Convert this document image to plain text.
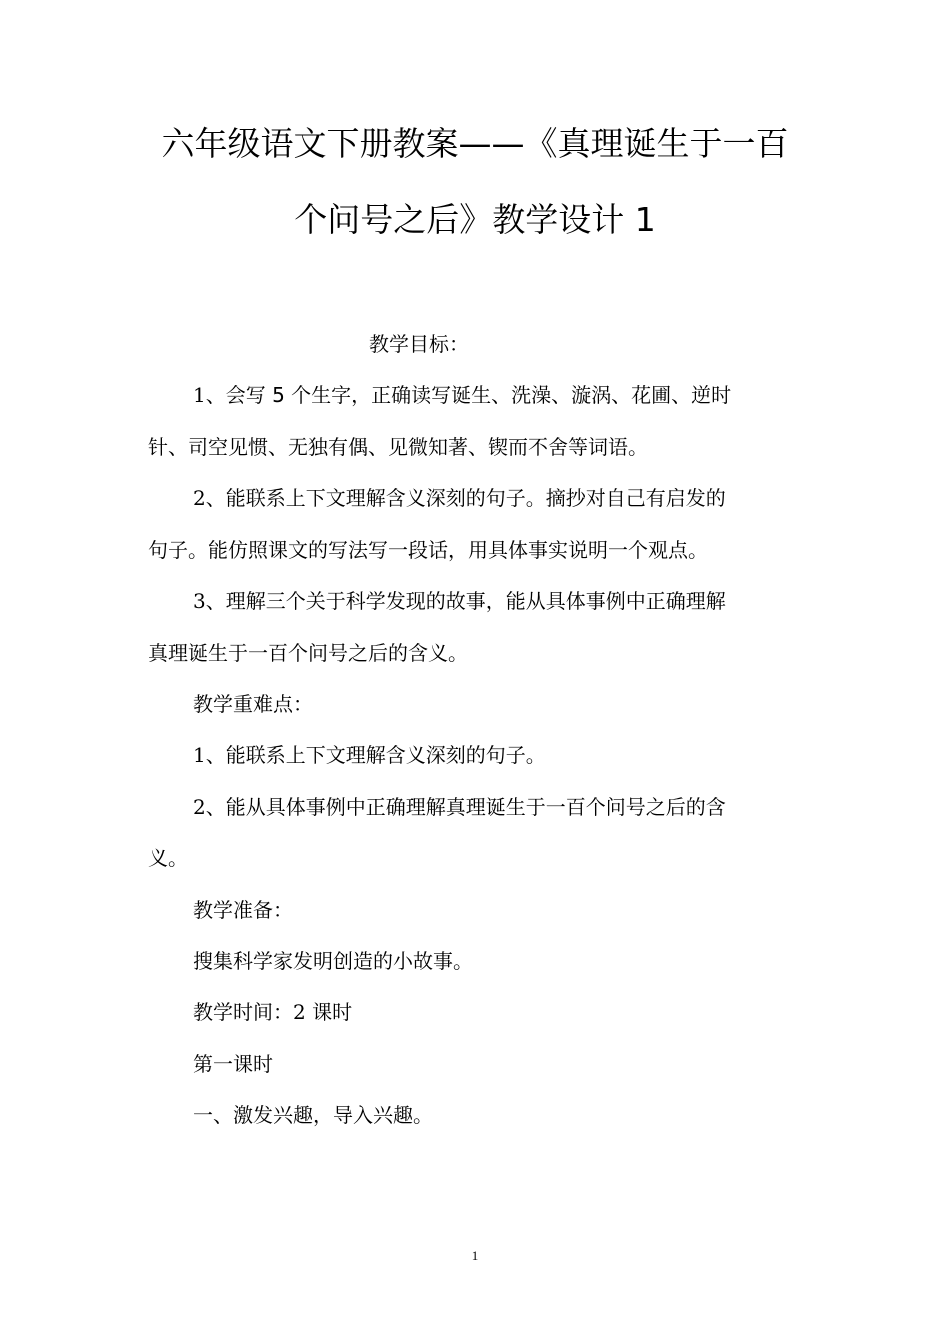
六年级语文下册教案——《真理诞生于一百
个问号之后》教学设计 1
教学目标：
1、会写 5 个生字，正确读写诞生、洗澡、漩涡、花圃、逆时
针、司空见惯、无独有偶、见微知著、锲而不舍等词语。
2、能联系上下文理解含义深刻的句子。摘抄对自己有启发的
句子。能仿照课文的写法写一段话，用具体事实说明一个观点。
3、理解三个关于科学发现的故事，能从具体事例中正确理解
真理诞生于一百个问号之后的含义。
教学重难点：
1、能联系上下文理解含义深刻的句子。
2、能从具体事例中正确理解真理诞生于一百个问号之后的含
义。
教学准备：
搜集科学家发明创造的小故事。
教学时间：2 课时
第一课时
一、激发兴趣，导入兴趣。
1
